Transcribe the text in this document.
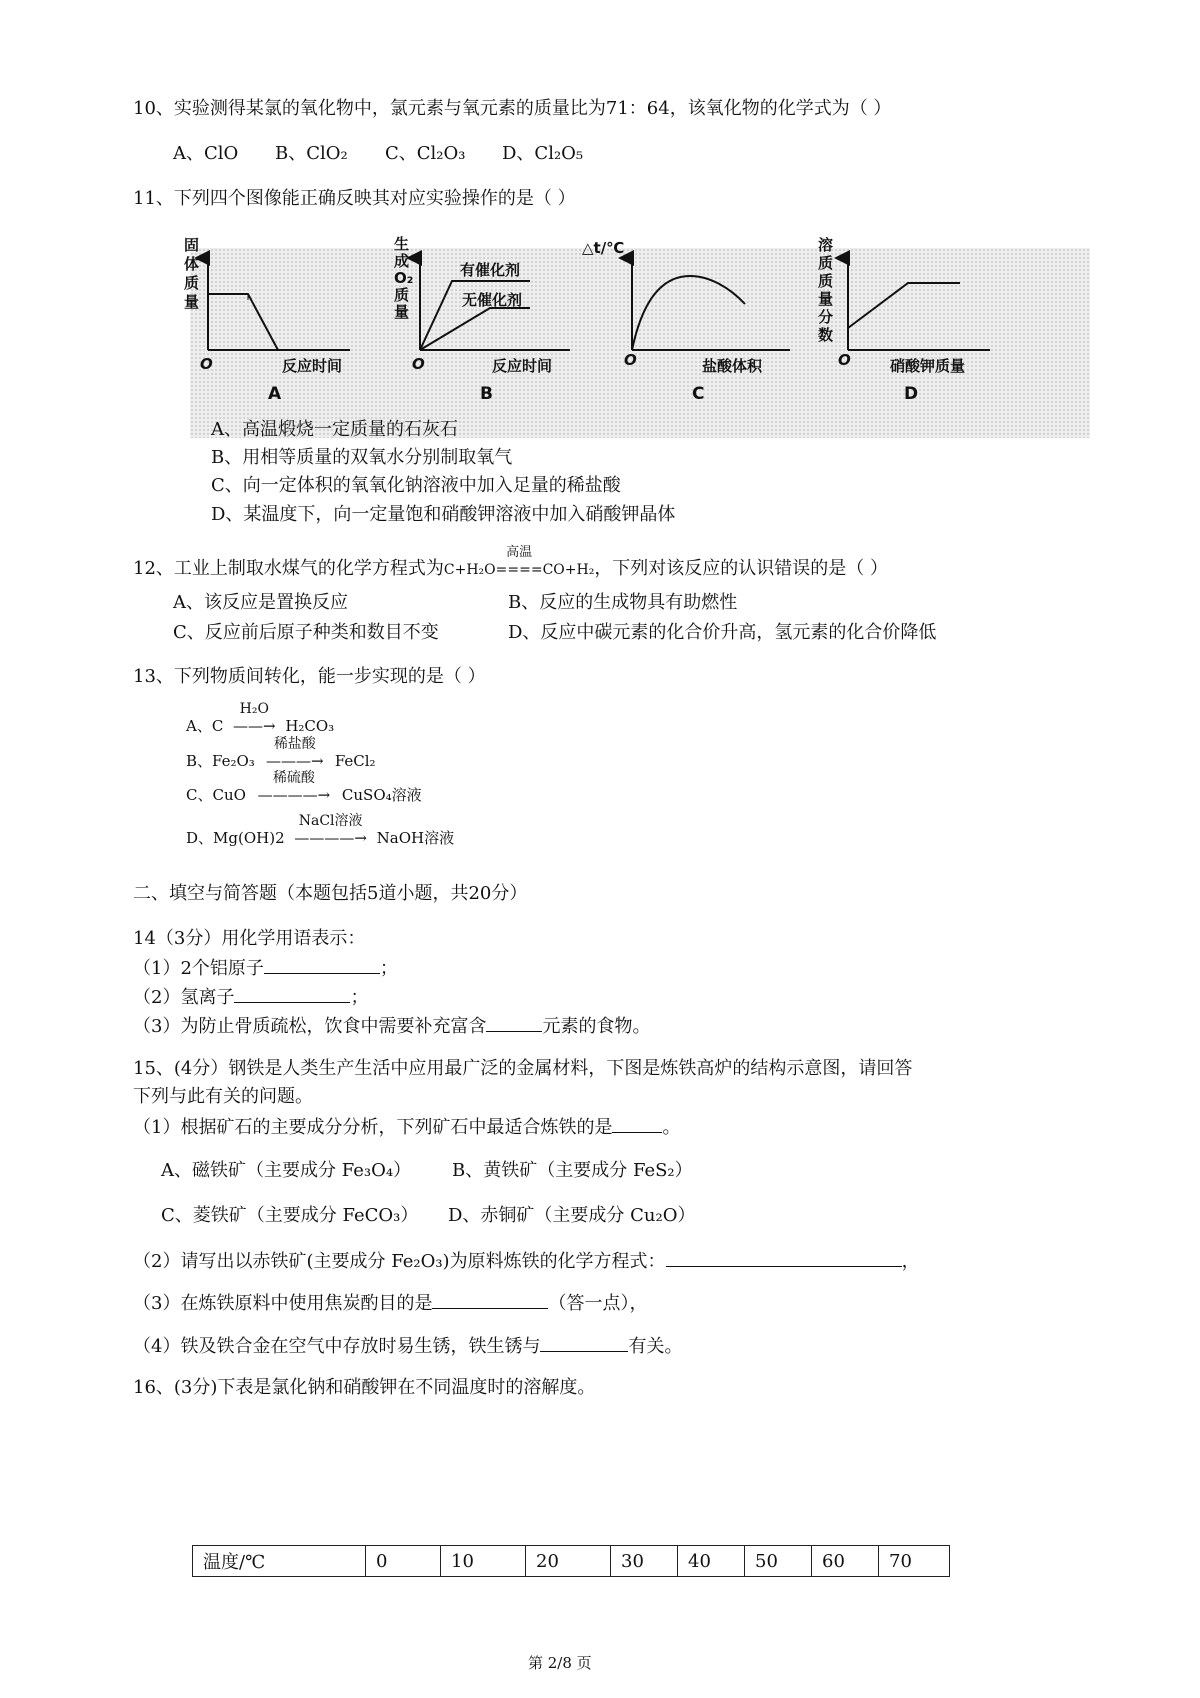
10、实验测得某氯的氧化物中，氯元素与氧元素的质量比为71：64，该氧化物的化学式为（ ）
A、ClO B、ClO₂ C、Cl₂O₃ D、Cl₂O₅
11、下列四个图像能正确反映其对应实验操作的是（ ）
固体质量
O	反应时间
A
生成O₂质量
有催化剂
无催化剂
O	反应时间
B
△t/℃
O	盐酸体积
C
溶质质量分数
O	硝酸钾质量
D
A、高温煅烧一定质量的石灰石
B、用相等质量的双氧水分别制取氧气
C、向一定体积的氧氧化钠溶液中加入足量的稀盐酸
D、某温度下，向一定量饱和硝酸钾溶液中加入硝酸钾晶体
12、工业上制取水煤气的化学方程式为
高温
C+H₂O====CO+H₂，下列对该反应的认识错误的是（ ）
A、该反应是置换反应	B、反应的生成物具有助燃性
C、反应前后原子种类和数目不变	D、反应中碳元素的化合价升高，氢元素的化合价降低
13、下列物质间转化，能一步实现的是（ ）
A、C
H₂O
——→ H₂CO₃
B、Fe₂O₃
稀盐酸
———→ FeCl₂
C、CuO
稀硫酸
————→ CuSO₄溶液
D、Mg(OH)2
NaCl溶液
————→ NaOH溶液
二、填空与简答题（本题包括5道小题，共20分）
14（3分）用化学用语表示：
（1）2个铝原子	；
（2）氢离子	；
（3）为防止骨质疏松，饮食中需要补充富含	元素的食物。
15、(4分）钢铁是人类生产生活中应用最广泛的金属材料，下图是炼铁高炉的结构示意图，请回答
下列与此有关的问题。
（1）根据矿石的主要成分分析，下列矿石中最适合炼铁的是	。
A、磁铁矿（主要成分 Fe₃O₄） B、黄铁矿（主要成分 FeS₂）
C、菱铁矿（主要成分 FeCO₃） D、赤铜矿（主要成分 Cu₂O）
（2）请写出以赤铁矿(主要成分 Fe₂O₃)为原料炼铁的化学方程式：	，
（3）在炼铁原料中使用焦炭酌目的是	（答一点），
（4）铁及铁合金在空气中存放时易生锈，铁生锈与	有关。
16、(3分)下表是氯化钠和硝酸钾在不同温度时的溶解度。
温度/℃	0	10	20	30	40	50	60	70
第 2/8 页
